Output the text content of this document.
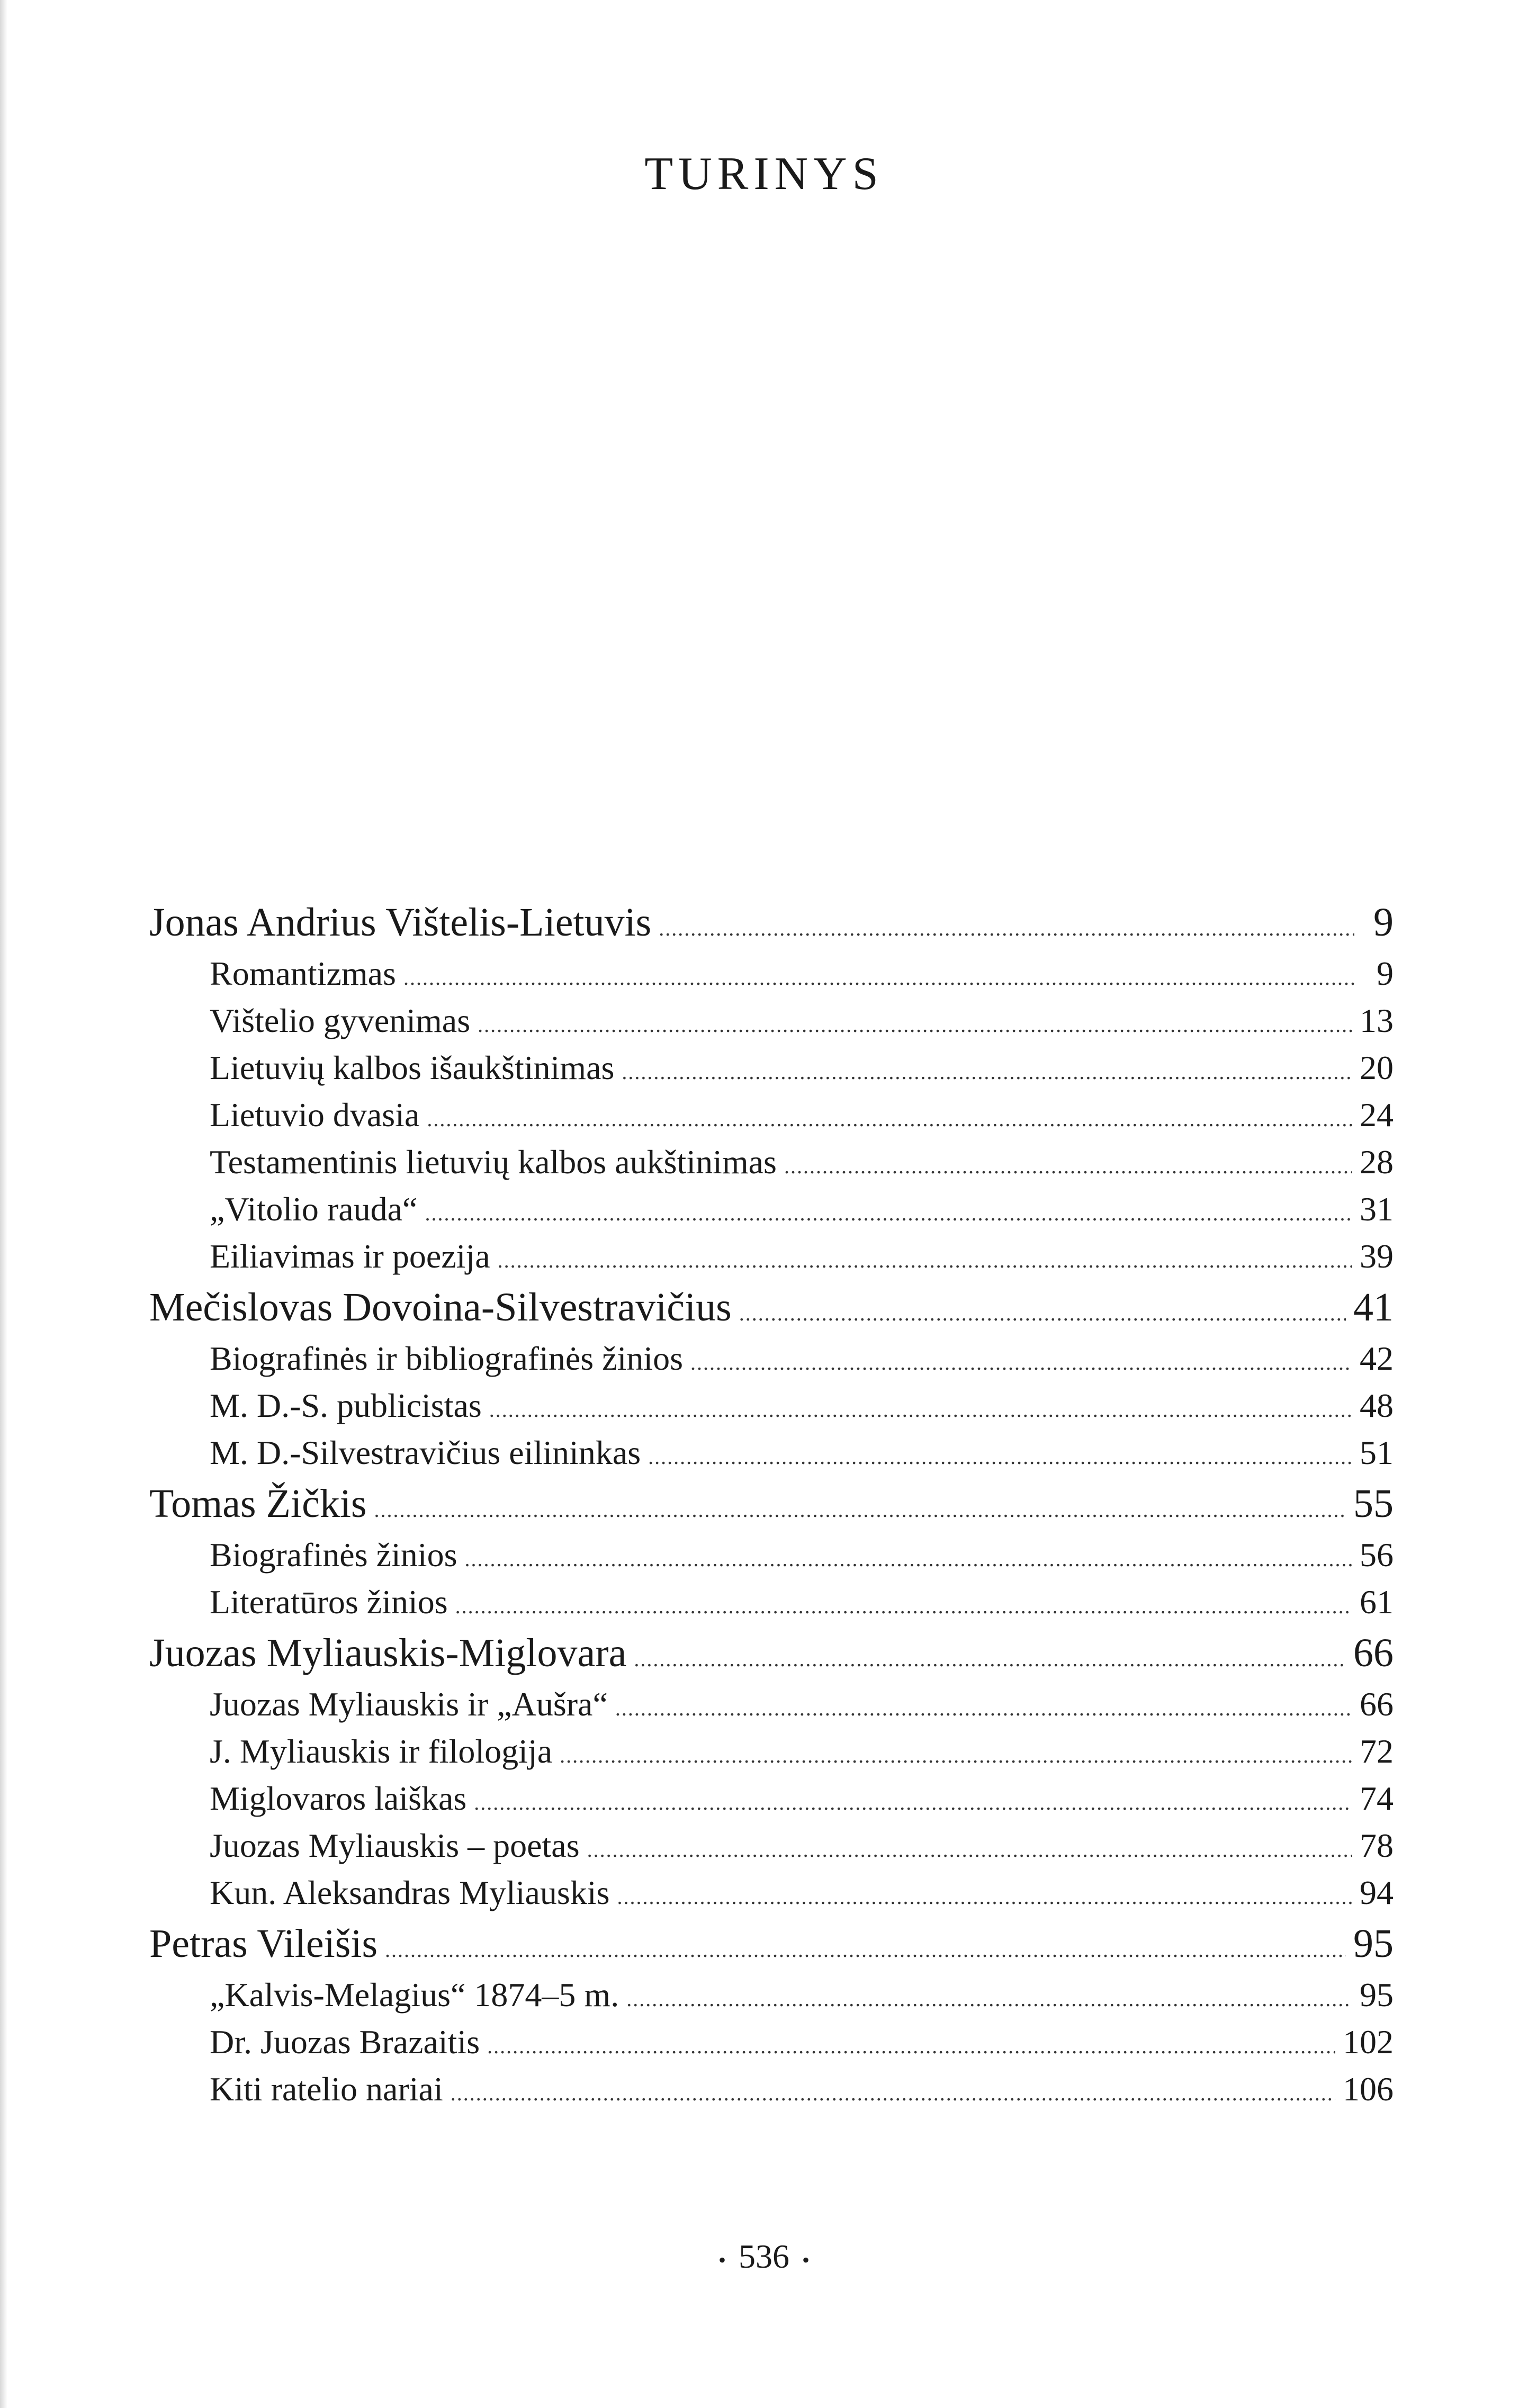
TURINYS
Jonas Andrius Vištelis-Lietuvis .....	9
Romantizmas .....	9
Vištelio gyvenimas .....	13
Lietuvių kalbos išaukštinimas .....	20
Lietuvio dvasia .....	24
Testamentinis lietuvių kalbos aukštinimas .....	28
„Vitolio rauda“ .....	31
Eiliavimas ir poezija .....	39
Mečislovas Dovoina-Silvestravičius .....	41
Biografinės ir bibliografinės žinios .....	42
M. D.-S. publicistas .....	48
M. D.-Silvestravičius eilininkas .....	51
Tomas Žičkis .....	55
Biografinės žinios .....	56
Literatūros žinios .....	61
Juozas Myliauskis-Miglovara .....	66
Juozas Myliauskis ir „Aušra“ .....	66
J. Myliauskis ir filologija .....	72
Miglovaros laiškas .....	74
Juozas Myliauskis – poetas .....	78
Kun. Aleksandras Myliauskis .....	94
Petras Vileišis .....	95
„Kalvis-Melagius“ 1874–5 m. .....	95
Dr. Juozas Brazaitis .....	102
Kiti ratelio nariai .....	106
• 536 •
